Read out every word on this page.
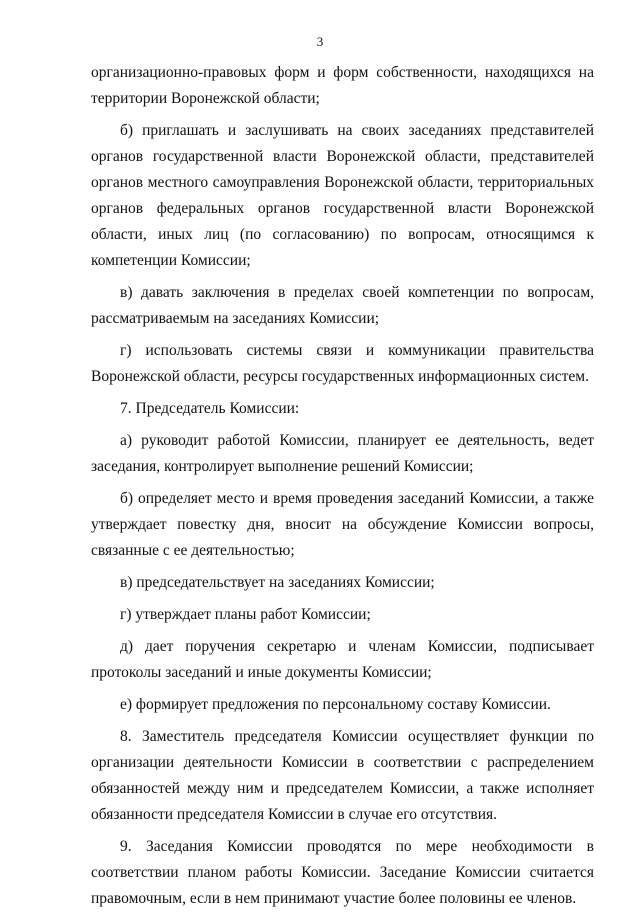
3

организационно-правовых форм и форм собственности, находящихся на территории Воронежской области;

б) приглашать и заслушивать на своих заседаниях представителей органов государственной власти Воронежской области, представителей органов местного самоуправления Воронежской области, территориальных органов федеральных органов государственной власти Воронежской области, иных лиц (по согласованию) по вопросам, относящимся к компетенции Комиссии;

в) давать заключения в пределах своей компетенции по вопросам, рассматриваемым на заседаниях Комиссии;

г) использовать системы связи и коммуникации правительства Воронежской области, ресурсы государственных информационных систем.

7. Председатель Комиссии:

а) руководит работой Комиссии, планирует ее деятельность, ведет заседания, контролирует выполнение решений Комиссии;

б) определяет место и время проведения заседаний Комиссии, а также утверждает повестку дня, вносит на обсуждение Комиссии вопросы, связанные с ее деятельностью;

в) председательствует на заседаниях Комиссии;

г) утверждает планы работ Комиссии;

д) дает поручения секретарю и членам Комиссии, подписывает протоколы заседаний и иные документы Комиссии;

е) формирует предложения по персональному составу Комиссии.

8. Заместитель председателя Комиссии осуществляет функции по организации деятельности Комиссии в соответствии с распределением обязанностей между ним и председателем Комиссии, а также исполняет обязанности председателя Комиссии в случае его отсутствия.

9. Заседания Комиссии проводятся по мере необходимости в соответствии планом работы Комиссии. Заседание Комиссии считается правомочным, если в нем принимают участие более половины ее членов.
